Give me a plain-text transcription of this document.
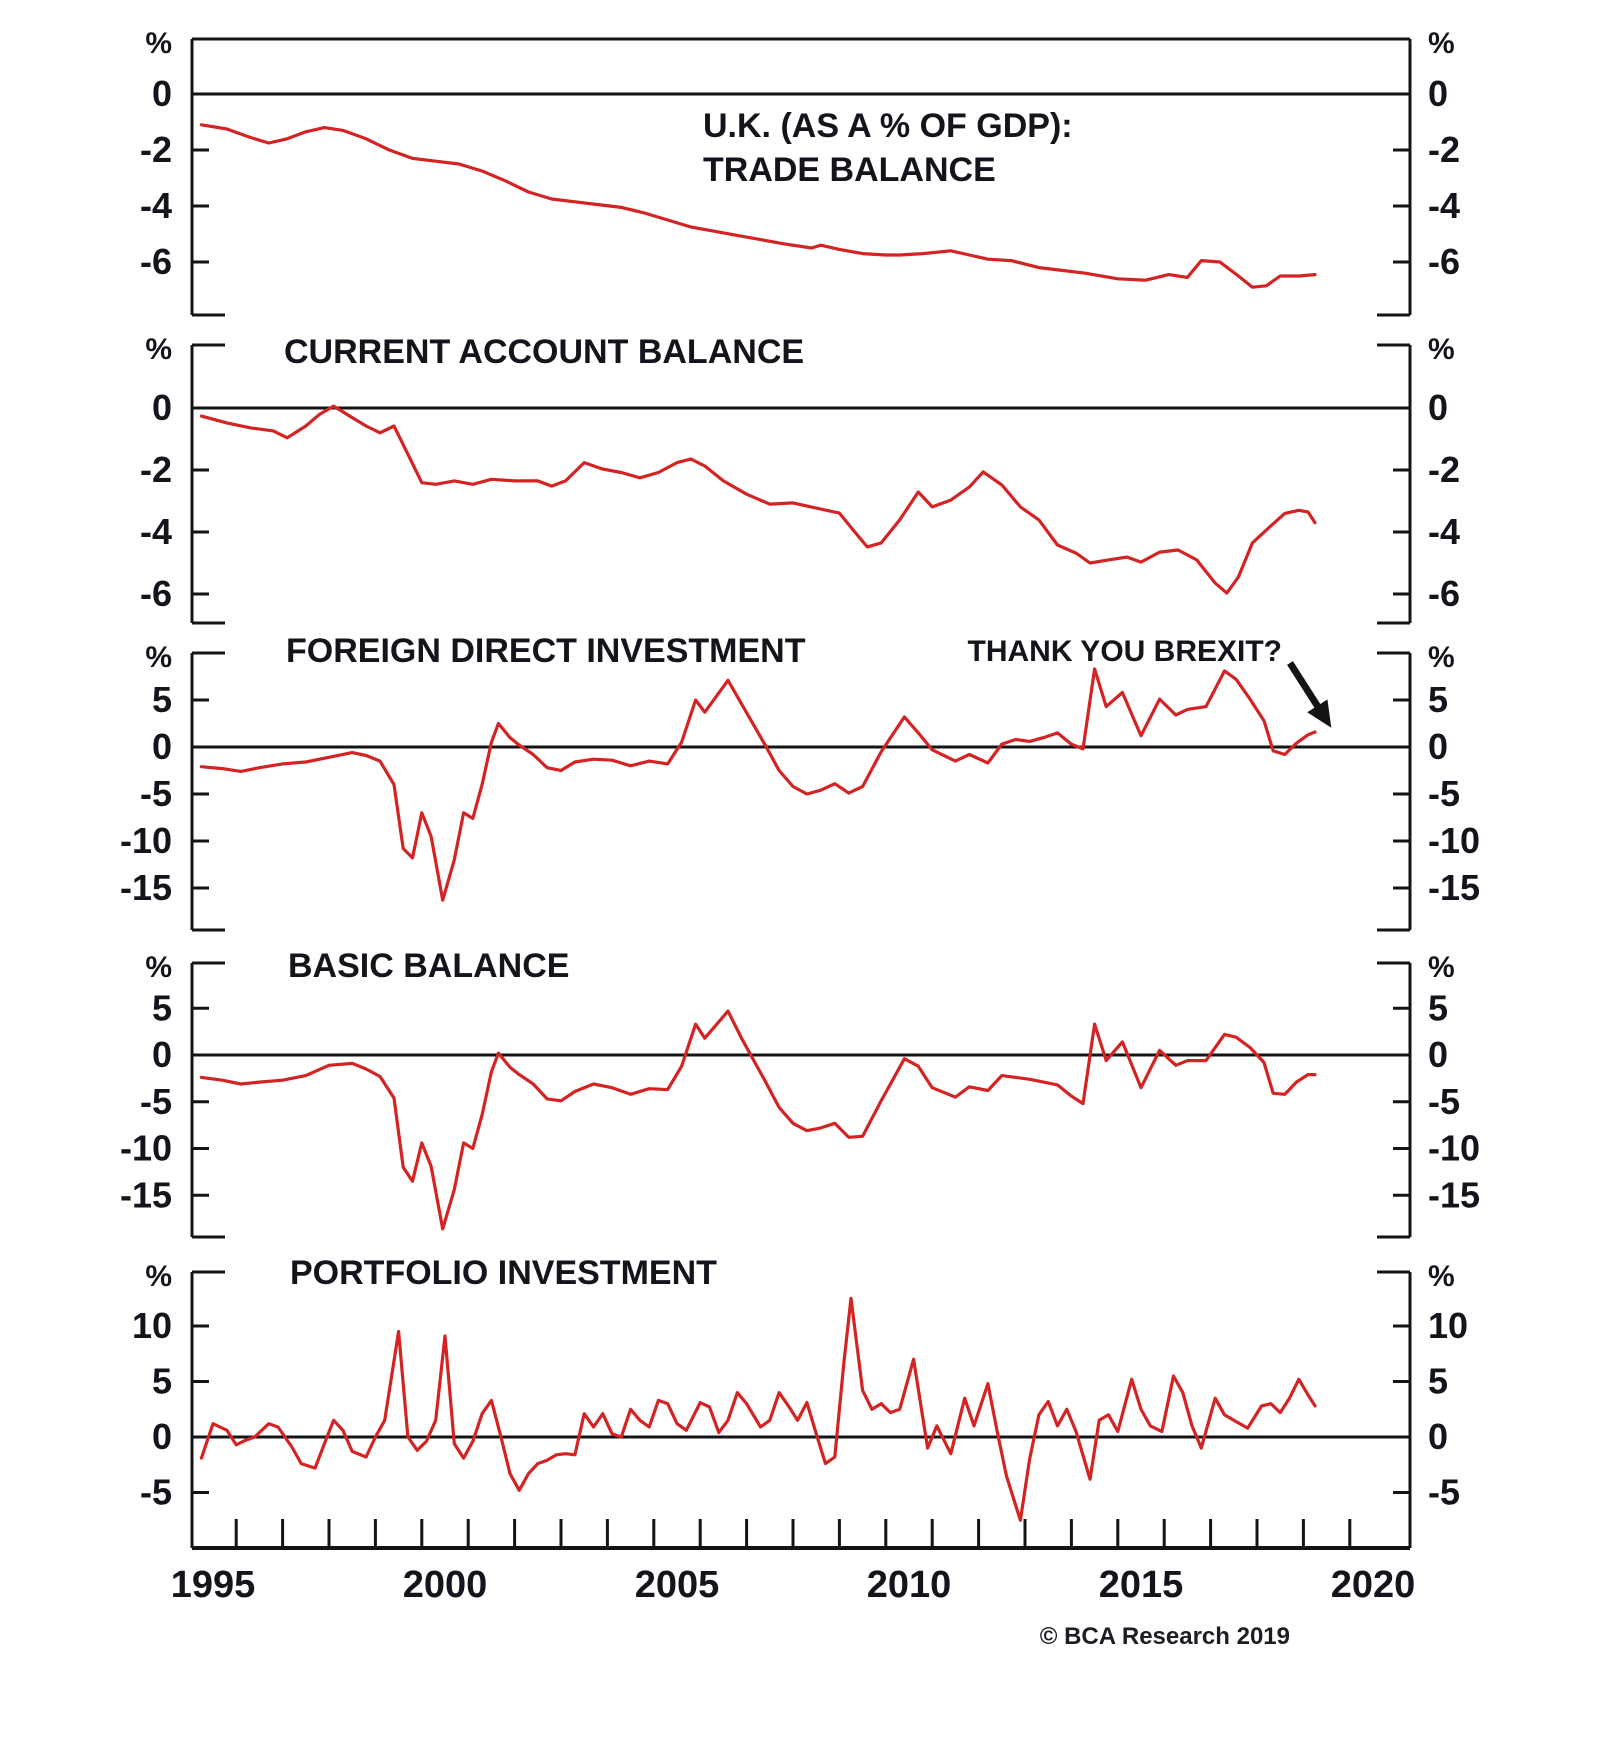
0	0
-2	-2
-4	-4
-6	-6
%	%
0	0
-2	-2
-4	-4
-6	-6
%	%
5	5
0	0
-5	-5
-10	-10
-15	-15
%	%
5	5
0	0
-5	-5
-10	-10
-15	-15
%	%
10	10
5	5
0	0
-5	-5
%	%
1995	2000	2005	2010	2015	2020
U.K. (AS A % OF GDP):
TRADE BALANCE
CURRENT ACCOUNT BALANCE
FOREIGN DIRECT INVESTMENT
BASIC BALANCE
PORTFOLIO INVESTMENT
THANK YOU BREXIT?
© BCA Research 2019
